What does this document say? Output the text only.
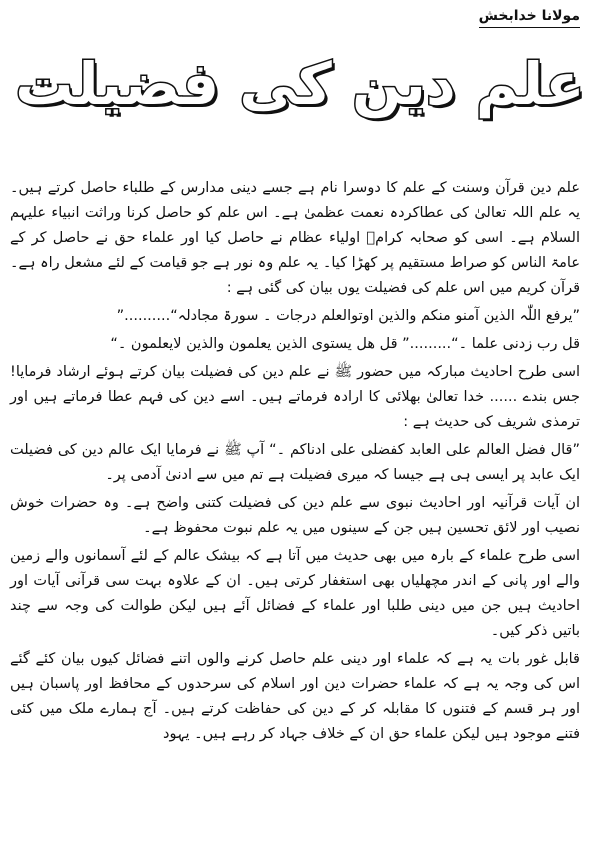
مولانا خدابخش
علم دین کی فضیلت

علم دین قرآن وسنت کے علم کا دوسرا نام ہے جسے دینی مدارس کے طلباء حاصل کرتے ہیں۔ یہ علم اللہ تعالیٰ کی عطاکردہ نعمت عظمیٰ ہے۔ اس علم کو حاصل کرنا وراثت انبیاء علیہم السلام ہے۔ اسی کو صحابہ کرامؓ اولیاء عظام نے حاصل کیا اور علماء حق نے حاصل کر کے عامۃ الناس کو صراط مستقیم پر کھڑا کیا۔ یہ علم وہ نور ہے جو قیامت کے لئے مشعل راہ ہے۔ قرآن کریم میں اس علم کی فضیلت یوں بیان کی گئی ہے :

”یرفع اللّٰہ الذین آمنو منکم والذین اوتوالعلم درجات ۔ سورۃ مجادلہ“..........”

قل رب زدنی علما ۔“.........” قل ھل یستوی الذین یعلمون والذین لایعلمون ۔“

اسی طرح احادیث مبارکہ میں حضور ﷺ نے علم دین کی فضیلت بیان کرتے ہوئے ارشاد فرمایا! جس بندے ...... خدا تعالیٰ بھلائی کا ارادہ فرماتے ہیں۔ اسے دین کی فہم عطا فرماتے ہیں اور ترمذی شریف کی حدیث ہے :

”قال فضل العالم علی العابد کفضلی علی ادناکم ۔“ آپ ﷺ نے فرمایا ایک عالم دین کی فضیلت ایک عابد پر ایسی ہی ہے جیسا کہ میری فضیلت ہے تم میں سے ادنیٰ آدمی پر۔

ان آیات قرآنیہ اور احادیث نبوی سے علم دین کی فضیلت کتنی واضح ہے۔ وہ حضرات خوش نصیب اور لائق تحسین ہیں جن کے سینوں میں یہ علم نبوت محفوظ ہے۔

اسی طرح علماء کے بارہ میں بھی حدیث میں آتا ہے کہ بیشک عالم کے لئے آسمانوں والے زمین والے اور پانی کے اندر مچھلیاں بھی استغفار کرتی ہیں۔ ان کے علاوہ بہت سی قرآنی آیات اور احادیث ہیں جن میں دینی طلبا اور علماء کے فضائل آئے ہیں لیکن طوالت کی وجہ سے چند باتیں ذکر کیں۔

قابل غور بات یہ ہے کہ علماء اور دینی علم حاصل کرنے والوں اتنے فضائل کیوں بیان کئے گئے اس کی وجہ یہ ہے کہ علماء حضرات دین اور اسلام کی سرحدوں کے محافظ اور پاسبان ہیں اور ہر قسم کے فتنوں کا مقابلہ کر کے دین کی حفاظت کرتے ہیں۔ آج ہمارے ملک میں کئی فتنے موجود ہیں لیکن علماء حق ان کے خلاف جہاد کر رہے ہیں۔ یہود
